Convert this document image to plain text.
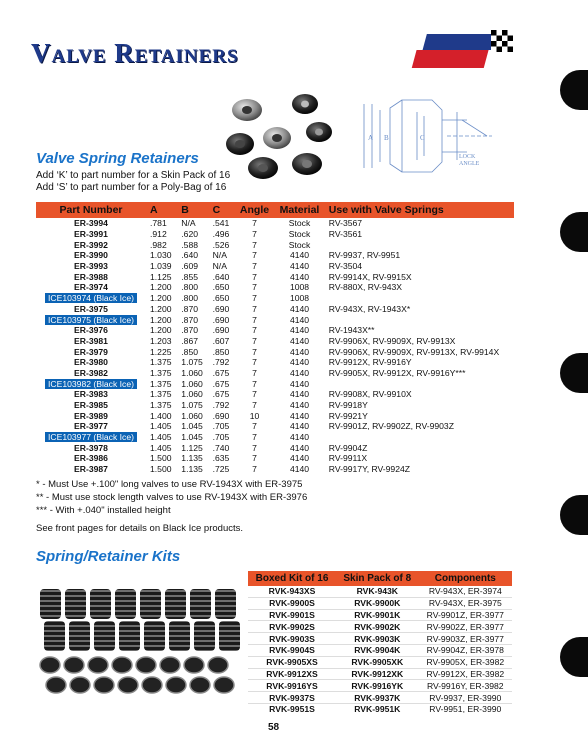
Valve Retainers
A B	C
LOCK
ANGLE
Valve Spring Retainers
Add ‘K’ to part number for a Skin Pack of 16
Add ‘S’ to part number for a Poly-Bag of 16
Part Number	A	B	C	Angle	Material	Use with Valve Springs
ER-3994	.781	N/A	.541	7	Stock	RV-3567
ER-3991	.912	.620	.496	7	Stock	RV-3561
ER-3992	.982	.588	.526	7	Stock	
ER-3990	1.030	.640	N/A	7	4140	RV-9937, RV-9951
ER-3993	1.039	.609	N/A	7	4140	RV-3504
ER-3988	1.125	.855	.640	7	4140	RV-9914X, RV-9915X
ER-3974	1.200	.800	.650	7	1008	RV-880X, RV-943X
ICE103974 (Black Ice)	1.200	.800	.650	7	1008	
ER-3975	1.200	.870	.690	7	4140	RV-943X, RV-1943X*
ICE103975 (Black Ice)	1.200	.870	.690	7	4140	
ER-3976	1.200	.870	.690	7	4140	RV-1943X**
ER-3981	1.203	.867	.607	7	4140	RV-9906X, RV-9909X, RV-9913X
ER-3979	1.225	.850	.850	7	4140	RV-9906X, RV-9909X, RV-9913X, RV-9914X
ER-3980	1.375	1.075	.792	7	4140	RV-9912X, RV-9916Y
ER-3982	1.375	1.060	.675	7	4140	RV-9905X, RV-9912X, RV-9916Y***
ICE103982 (Black Ice)	1.375	1.060	.675	7	4140	
ER-3983	1.375	1.060	.675	7	4140	RV-9908X, RV-9910X
ER-3985	1.375	1.075	.792	7	4140	RV-9918Y
ER-3989	1.400	1.060	.690	10	4140	RV-9921Y
ER-3977	1.405	1.045	.705	7	4140	RV-9901Z, RV-9902Z, RV-9903Z
ICE103977 (Black Ice)	1.405	1.045	.705	7	4140	
ER-3978	1.405	1.125	.740	7	4140	RV-9904Z
ER-3986	1.500	1.135	.635	7	4140	RV-9911X
ER-3987	1.500	1.135	.725	7	4140	RV-9917Y, RV-9924Z
* - Must Use +.100" long valves to use RV-1943X with ER-3975
** - Must use stock length valves to use RV-1943X with ER-3976
*** - With +.040" installed height
See front pages for details on Black Ice products.
Spring/Retainer Kits
Boxed Kit of 16	Skin Pack of 8	Components
RVK-943XS	RVK-943K	RV-943X, ER-3974
RVK-9900S	RVK-9900K	RV-943X, ER-3975
RVK-9901S	RVK-9901K	RV-9901Z, ER-3977
RVK-9902S	RVK-9902K	RV-9902Z, ER-3977
RVK-9903S	RVK-9903K	RV-9903Z, ER-3977
RVK-9904S	RVK-9904K	RV-9904Z, ER-3978
RVK-9905XS	RVK-9905XK	RV-9905X, ER-3982
RVK-9912XS	RVK-9912XK	RV-9912X, ER-3982
RVK-9916YS	RVK-9916YK	RV-9916Y, ER-3982
RVK-9937S	RVK-9937K	RV-9937, ER-3990
RVK-9951S	RVK-9951K	RV-9951, ER-3990
58
